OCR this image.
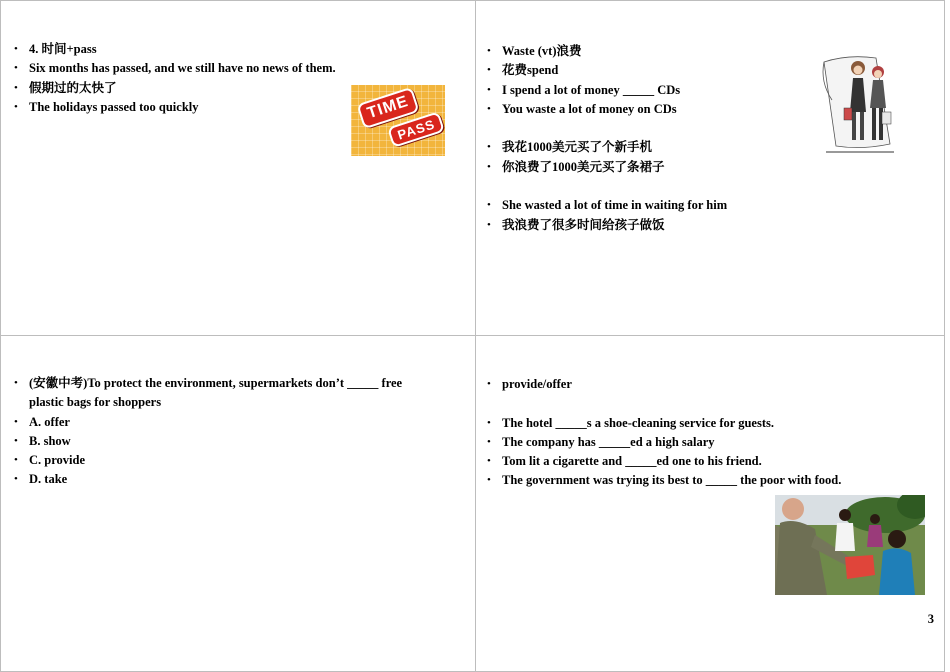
• 4. 时间+pass
• Six months has passed, and we still have no news of them.
• 假期过的太快了
• The holidays passed too quickly	TIME
PASS
• Waste (vt)浪费
• 花费spend
• I spend a lot of money _____ CDs
• You waste a lot of money on CDs
• 我花1000美元买了个新手机
• 你浪费了1000美元买了条裙子
• She wasted a lot of time in waiting for him
• 我浪费了很多时间给孩子做饭
• (安徽中考)To protect the environment, supermarkets don’t _____ free plastic bags for shoppers
• A. offer
• B. show
• C. provide
• D. take
• provide/offer
• The hotel _____s a shoe-cleaning service for guests.
• The company has _____ed a high salary
• Tom lit a cigarette and _____ed one to his friend.
• The government was trying its best to _____ the poor with food.
3
